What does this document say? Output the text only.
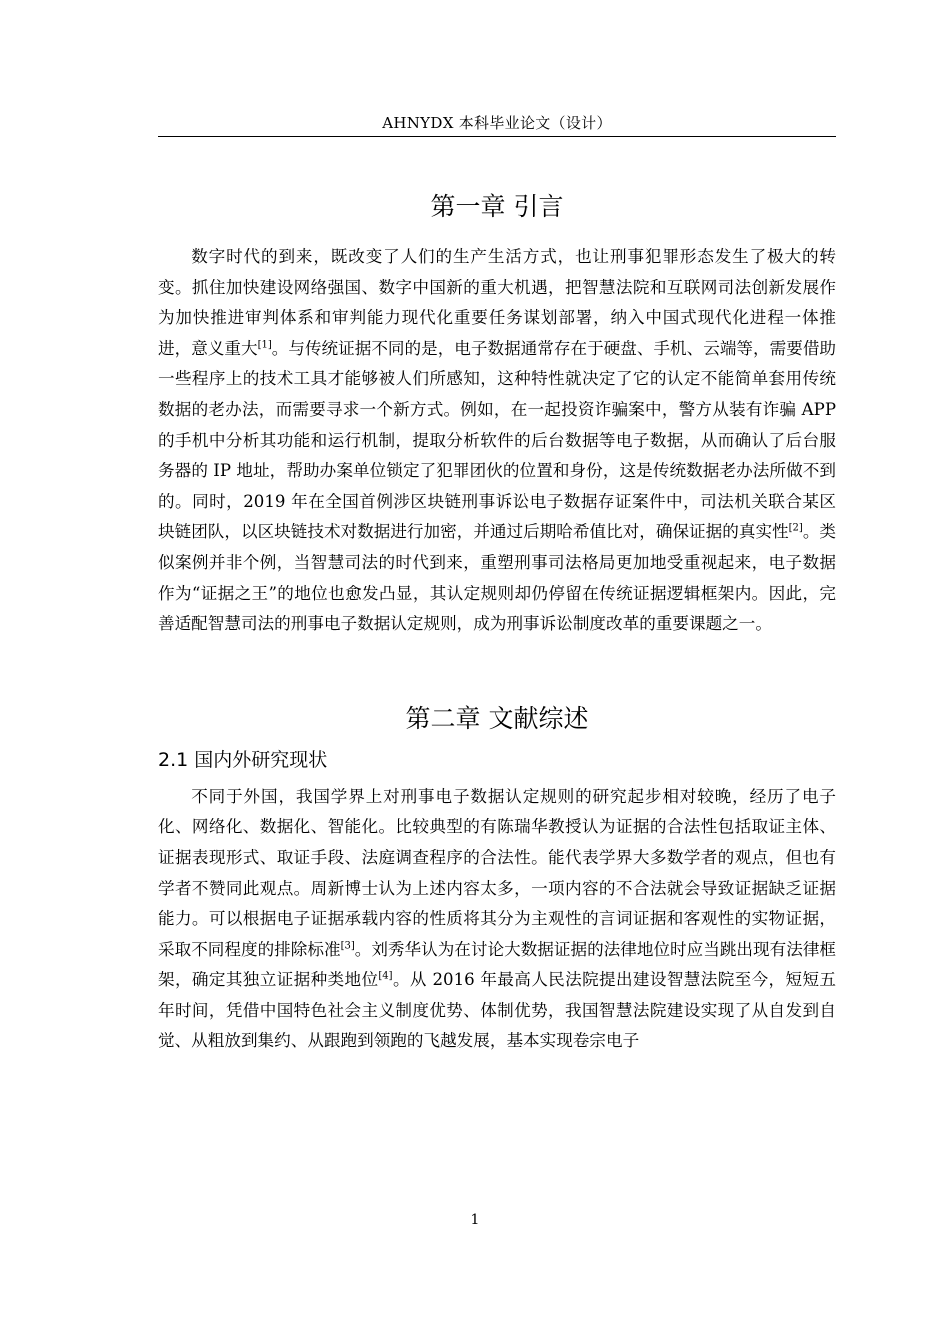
AHNYDX 本科毕业论文（设计）
第一章 引言

数字时代的到来，既改变了人们的生产生活方式，也让刑事犯罪形态发生了极大的转变。抓住加快建设网络强国、数字中国新的重大机遇，把智慧法院和互联网司法创新发展作为加快推进审判体系和审判能力现代化重要任务谋划部署，纳入中国式现代化进程一体推进，意义重大[1]。与传统证据不同的是，电子数据通常存在于硬盘、手机、云端等，需要借助一些程序上的技术工具才能够被人们所感知，这种特性就决定了它的认定不能简单套用传统数据的老办法，而需要寻求一个新方式。例如，在一起投资诈骗案中，警方从装有诈骗 APP 的手机中分析其功能和运行机制，提取分析软件的后台数据等电子数据，从而确认了后台服务器的 IP 地址，帮助办案单位锁定了犯罪团伙的位置和身份，这是传统数据老办法所做不到的。同时，2019 年在全国首例涉区块链刑事诉讼电子数据存证案件中，司法机关联合某区块链团队，以区块链技术对数据进行加密，并通过后期哈希值比对，确保证据的真实性[2]。类似案例并非个例，当智慧司法的时代到来，重塑刑事司法格局更加地受重视起来，电子数据作为“证据之王”的地位也愈发凸显，其认定规则却仍停留在传统证据逻辑框架内。因此，完善适配智慧司法的刑事电子数据认定规则，成为刑事诉讼制度改革的重要课题之一。

第二章 文献综述
2.1 国内外研究现状

不同于外国，我国学界上对刑事电子数据认定规则的研究起步相对较晚，经历了电子化、网络化、数据化、智能化。比较典型的有陈瑞华教授认为证据的合法性包括取证主体、证据表现形式、取证手段、法庭调查程序的合法性。能代表学界大多数学者的观点，但也有学者不赞同此观点。周新博士认为上述内容太多，一项内容的不合法就会导致证据缺乏证据能力。可以根据电子证据承载内容的性质将其分为主观性的言词证据和客观性的实物证据，采取不同程度的排除标准[3]。刘秀华认为在讨论大数据证据的法律地位时应当跳出现有法律框架，确定其独立证据种类地位[4]。从 2016 年最高人民法院提出建设智慧法院至今，短短五年时间，凭借中国特色社会主义制度优势、体制优势，我国智慧法院建设实现了从自发到自觉、从粗放到集约、从跟跑到领跑的飞越发展，基本实现卷宗电子

1
